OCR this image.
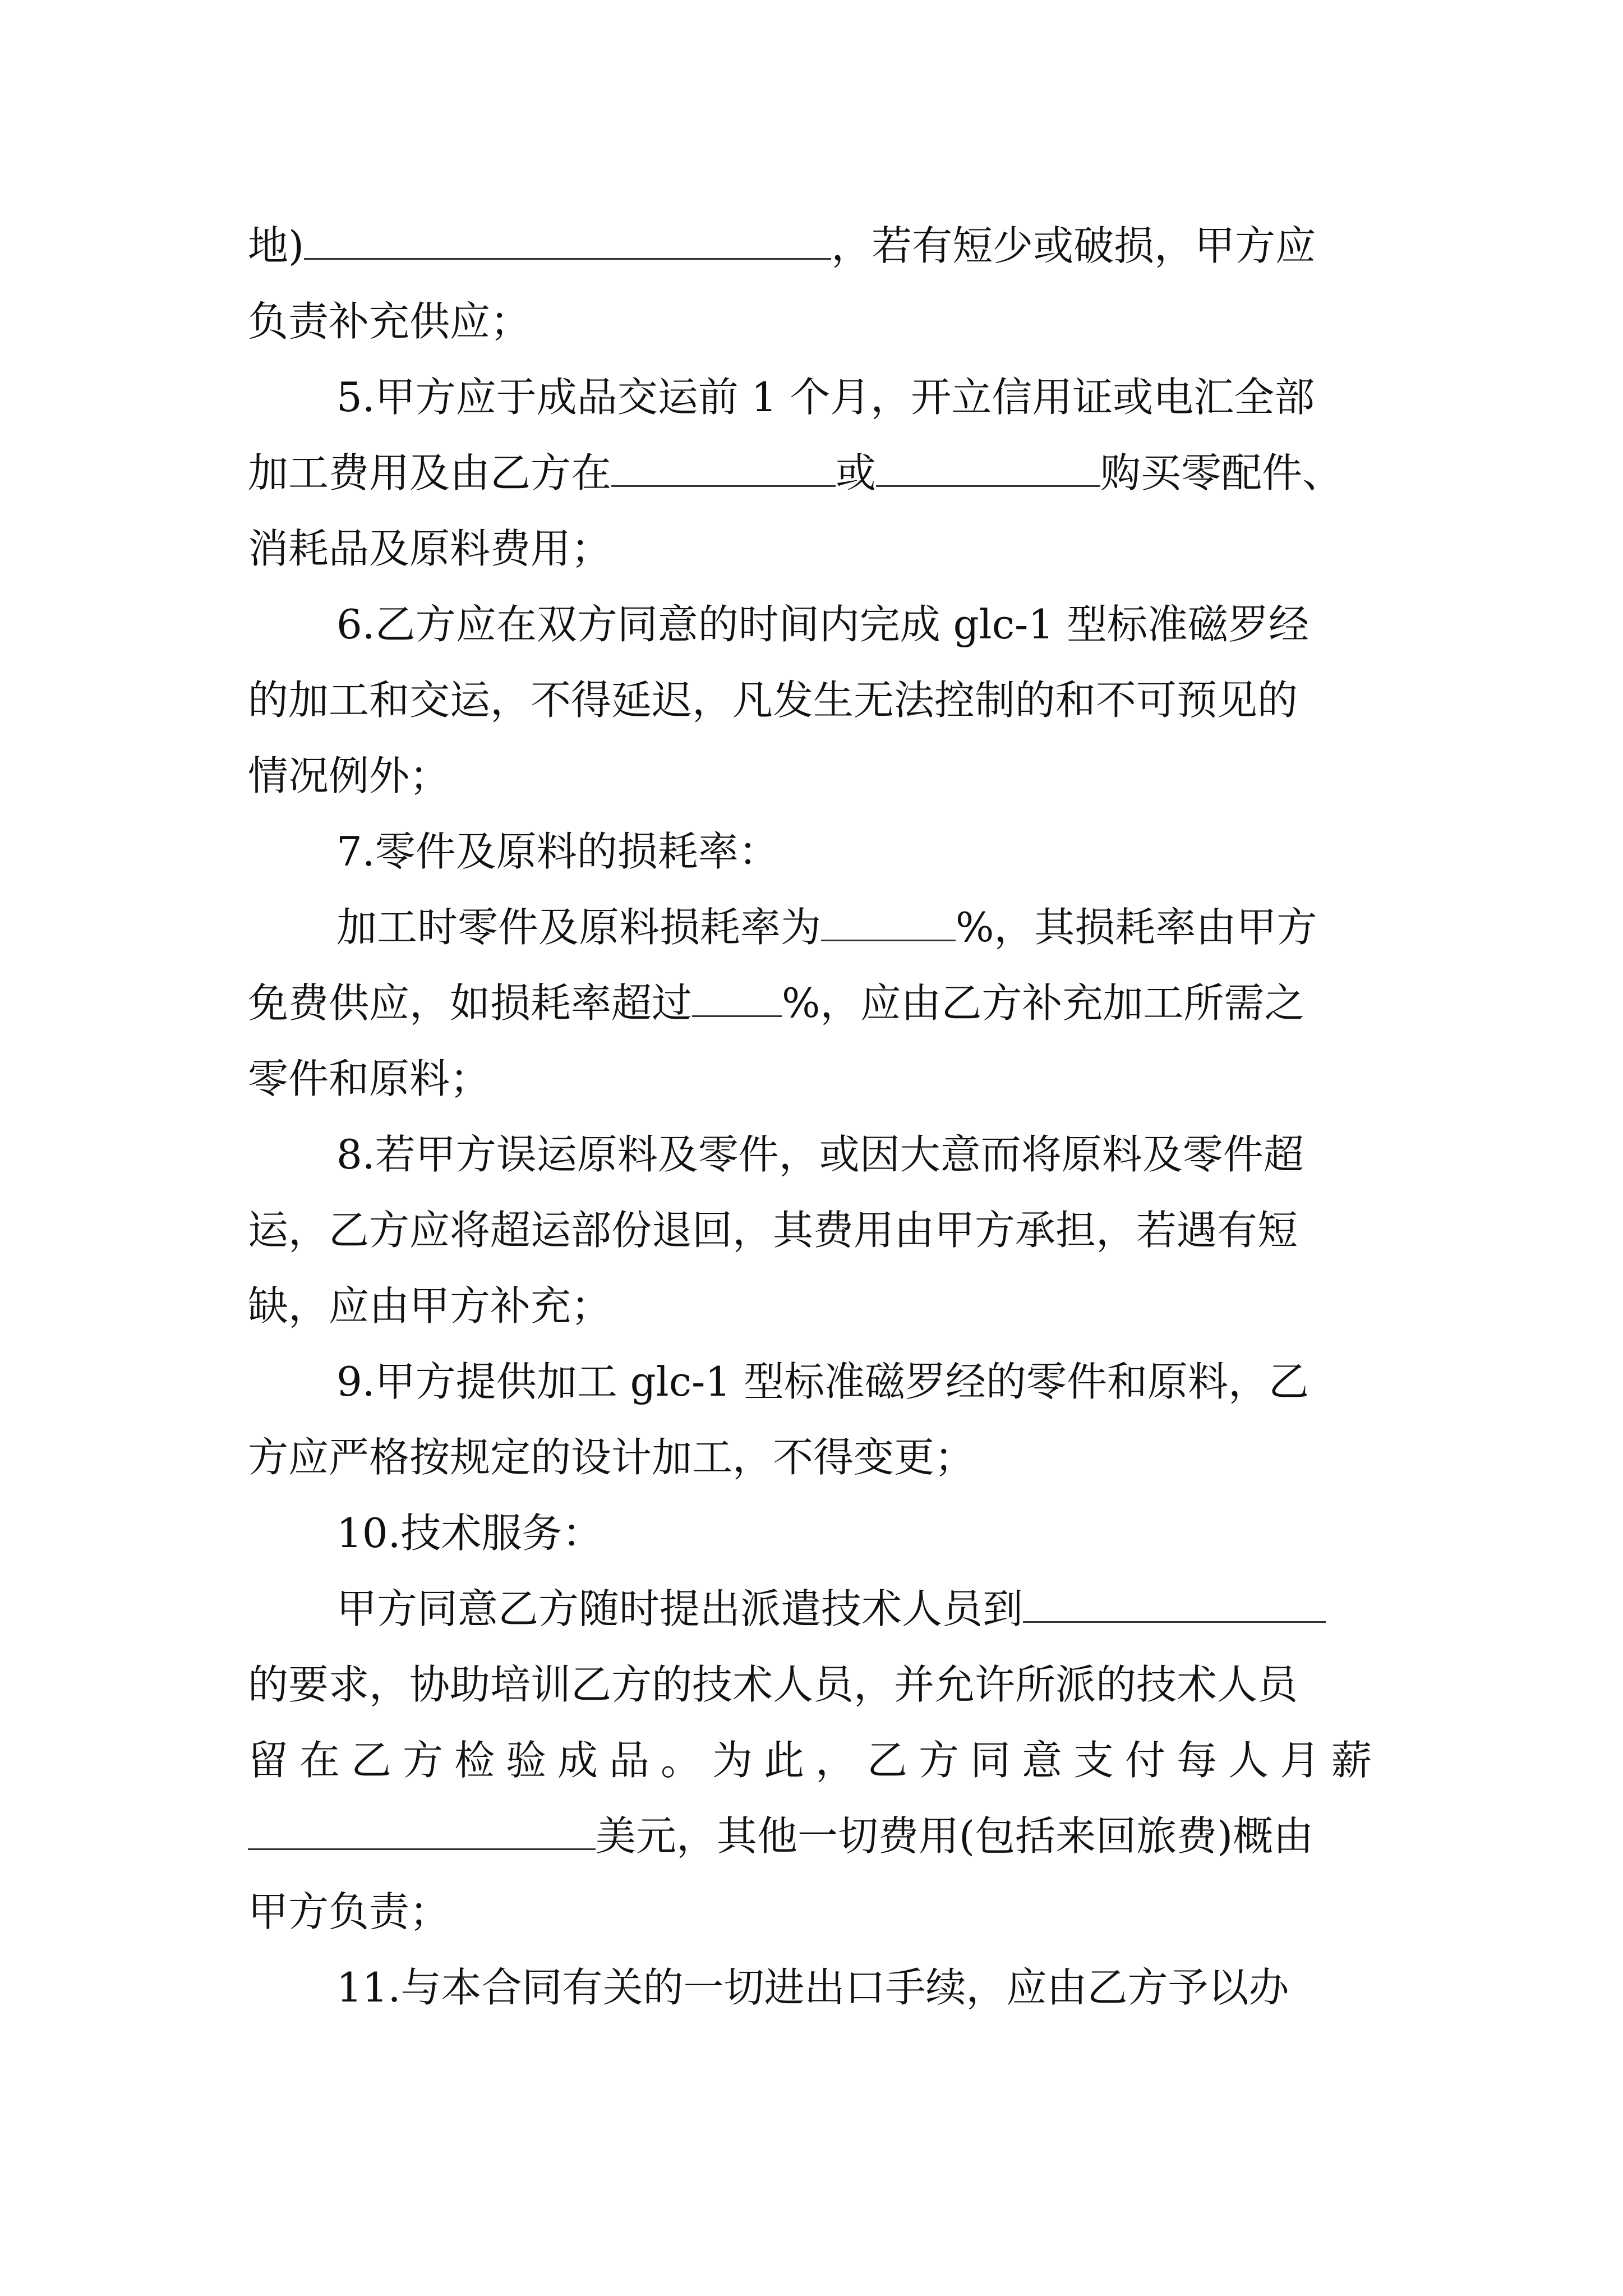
地)	，若有短少或破损，甲方应
负责补充供应；
5.甲方应于成品交运前 1 个月，开立信用证或电汇全部
加工费用及由乙方在	或	购买零配件、
消耗品及原料费用；
6.乙方应在双方同意的时间内完成 glc-1 型标准磁罗经
的加工和交运，不得延迟，凡发生无法控制的和不可预见的
情况例外；
7.零件及原料的损耗率：
加工时零件及原料损耗率为	%，其损耗率由甲方
免费供应，如损耗率超过 %，应由乙方补充加工所需之
零件和原料；
8.若甲方误运原料及零件，或因大意而将原料及零件超
运，乙方应将超运部份退回，其费用由甲方承担，若遇有短
缺，应由甲方补充；
9.甲方提供加工 glc-1 型标准磁罗经的零件和原料，乙
方应严格按规定的设计加工，不得变更；
10.技术服务：
甲方同意乙方随时提出派遣技术人员到
的要求，协助培训乙方的技术人员，并允许所派的技术人员
留在乙方检验成品。为此，乙方同意支付每人月薪
美元，其他一切费用(包括来回旅费)概由
甲方负责；
11.与本合同有关的一切进出口手续，应由乙方予以办
